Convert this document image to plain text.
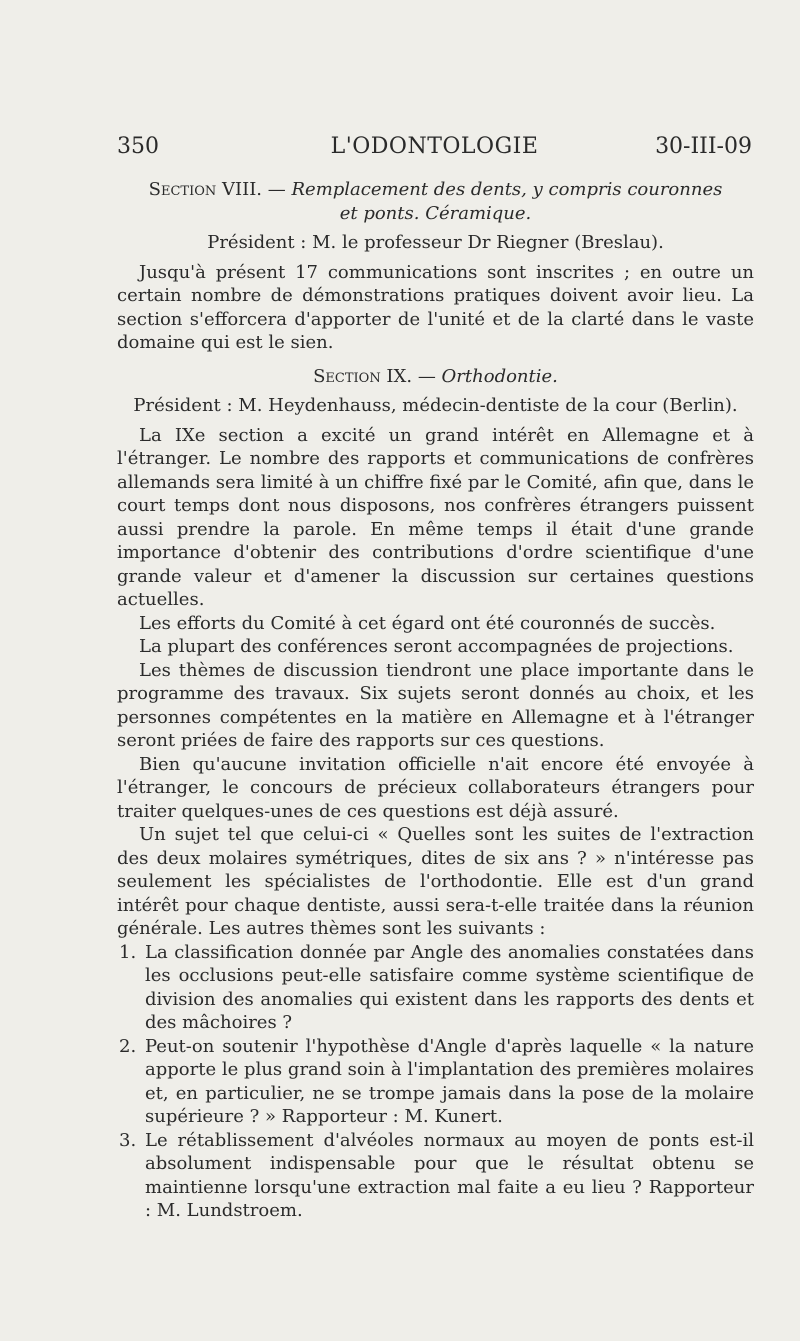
350	L'ODONTOLOGIE	30-III-09
Section VIII. — Remplacement des dents, y compris couronnes
et ponts. Céramique.
Président : M. le professeur Dr Riegner (Breslau).
Jusqu'à présent 17 communications sont inscrites ; en outre un certain nombre de démonstrations pratiques doivent avoir lieu. La section s'efforcera d'apporter de l'unité et de la clarté dans le vaste domaine qui est le sien.
Section IX. — Orthodontie.
Président : M. Heydenhauss, médecin-dentiste de la cour (Berlin).
La IXe section a excité un grand intérêt en Allemagne et à l'étranger. Le nombre des rapports et communications de confrères allemands sera limité à un chiffre fixé par le Comité, afin que, dans le court temps dont nous disposons, nos confrères étrangers puissent aussi prendre la parole. En même temps il était d'une grande importance d'obtenir des contributions d'ordre scientifique d'une grande valeur et d'amener la discussion sur certaines questions actuelles.
Les efforts du Comité à cet égard ont été couronnés de succès.
La plupart des conférences seront accompagnées de projections.
Les thèmes de discussion tiendront une place importante dans le programme des travaux. Six sujets seront donnés au choix, et les personnes compétentes en la matière en Allemagne et à l'étranger seront priées de faire des rapports sur ces questions.
Bien qu'aucune invitation officielle n'ait encore été envoyée à l'étranger, le concours de précieux collaborateurs étrangers pour traiter quelques-unes de ces questions est déjà assuré.
Un sujet tel que celui-ci « Quelles sont les suites de l'extraction des deux molaires symétriques, dites de six ans ? » n'intéresse pas seulement les spécialistes de l'orthodontie. Elle est d'un grand intérêt pour chaque dentiste, aussi sera-t-elle traitée dans la réunion générale. Les autres thèmes sont les suivants :
1. La classification donnée par Angle des anomalies constatées dans les occlusions peut-elle satisfaire comme système scientifique de division des anomalies qui existent dans les rapports des dents et des mâchoires ?
2. Peut-on soutenir l'hypothèse d'Angle d'après laquelle « la nature apporte le plus grand soin à l'implantation des premières molaires et, en particulier, ne se trompe jamais dans la pose de la molaire supérieure ? » Rapporteur : M. Kunert.
3. Le rétablissement d'alvéoles normaux au moyen de ponts est-il absolument indispensable pour que le résultat obtenu se maintienne lorsqu'une extraction mal faite a eu lieu ? Rapporteur : M. Lundstroem.
